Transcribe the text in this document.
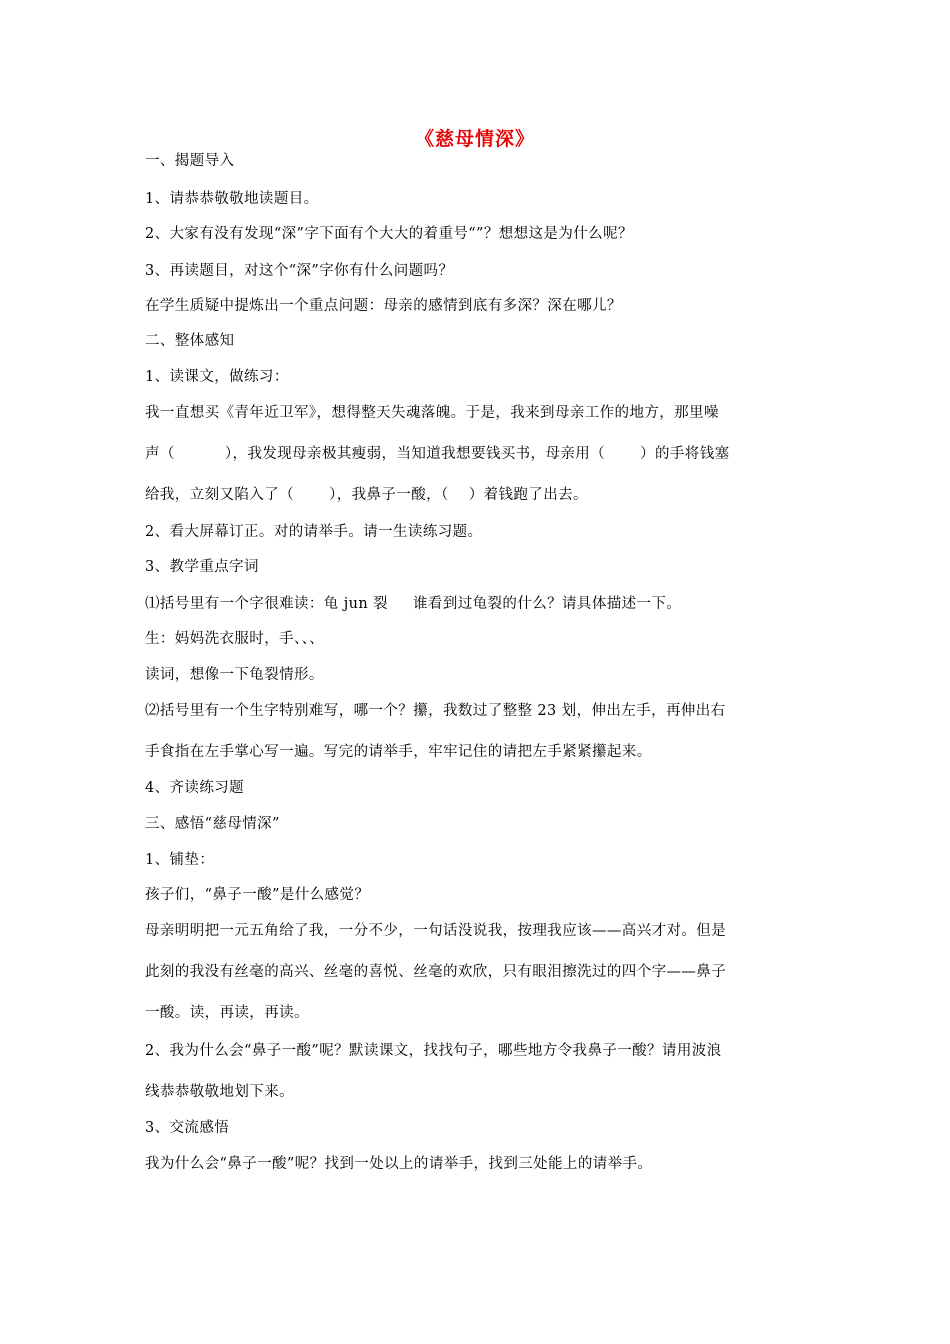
《慈母情深》
一、揭题导入
1、请恭恭敬敬地读题目。
2、大家有没有发现“深”字下面有个大大的着重号“”？想想这是为什么呢？
3、再读题目，对这个“深”字你有什么问题吗？
在学生质疑中提炼出一个重点问题：母亲的感情到底有多深？深在哪儿？
二、整体感知
1、读课文，做练习：
我一直想买《青年近卫军》，想得整天失魂落魄。于是，我来到母亲工作的地方，那里噪
声（          ），我发现母亲极其瘦弱，当知道我想要钱买书，母亲用（       ）的手将钱塞
给我，立刻又陷入了（       ），我鼻子一酸，（    ）着钱跑了出去。
2、看大屏幕订正。对的请举手。请一生读练习题。
3、教学重点字词
⑴括号里有一个字很难读：龟 jun 裂     谁看到过龟裂的什么？请具体描述一下。
生：妈妈洗衣服时，手、、、
读词，想像一下龟裂情形。
⑵括号里有一个生字特别难写，哪一个？攥，我数过了整整 23 划，伸出左手，再伸出右
手食指在左手掌心写一遍。写完的请举手，牢牢记住的请把左手紧紧攥起来。
4、齐读练习题
三、感悟“慈母情深”
1、铺垫：
孩子们，“鼻子一酸”是什么感觉？
母亲明明把一元五角给了我，一分不少，一句话没说我，按理我应该——高兴才对。但是
此刻的我没有丝毫的高兴、丝毫的喜悦、丝毫的欢欣，只有眼泪擦洗过的四个字——鼻子
一酸。读，再读，再读。
2、我为什么会“鼻子一酸”呢？默读课文，找找句子，哪些地方令我鼻子一酸？请用波浪
线恭恭敬敬地划下来。
3、交流感悟
我为什么会“鼻子一酸”呢？找到一处以上的请举手，找到三处能上的请举手。
